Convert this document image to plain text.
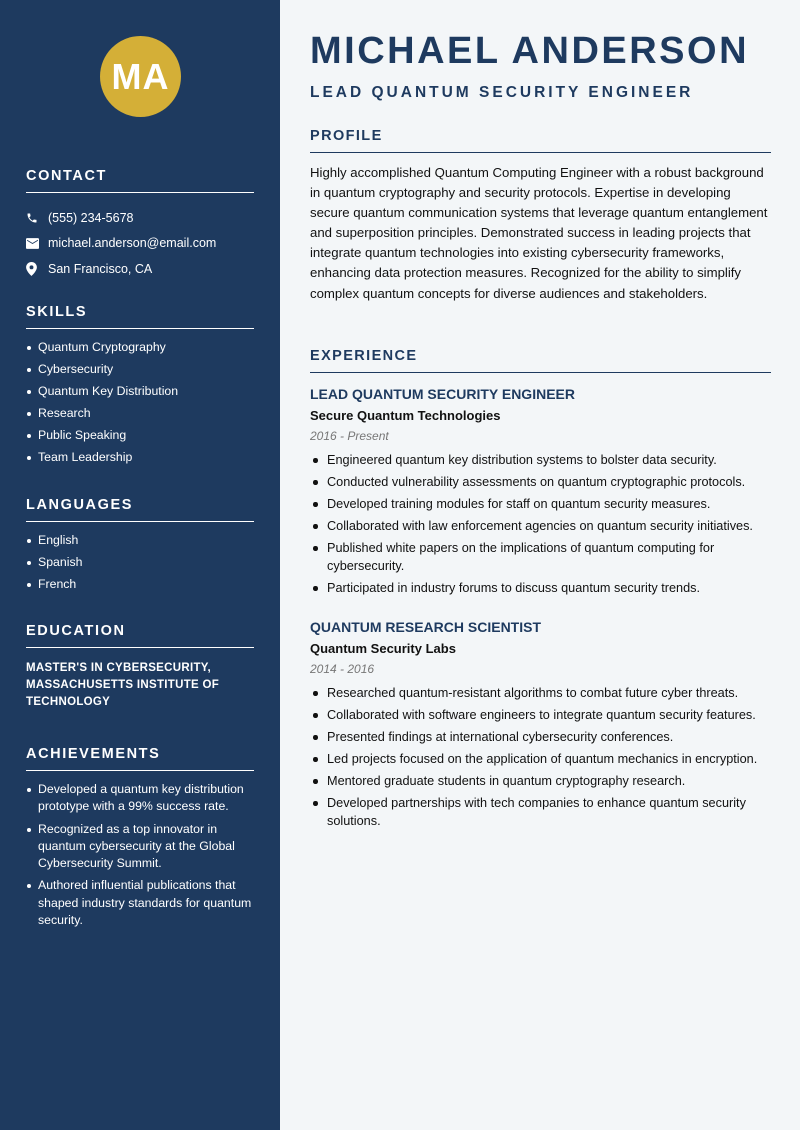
MA
CONTACT
(555) 234-5678
michael.anderson@email.com
San Francisco, CA
SKILLS
Quantum Cryptography
Cybersecurity
Quantum Key Distribution
Research
Public Speaking
Team Leadership
LANGUAGES
English
Spanish
French
EDUCATION

MASTER'S IN CYBERSECURITY, MASSACHUSETTS INSTITUTE OF TECHNOLOGY

ACHIEVEMENTS
Developed a quantum key distribution prototype with a 99% success rate.
Recognized as a top innovator in quantum cybersecurity at the Global Cybersecurity Summit.
Authored influential publications that shaped industry standards for quantum security.
MICHAEL ANDERSON
LEAD QUANTUM SECURITY ENGINEER
PROFILE

Highly accomplished Quantum Computing Engineer with a robust background in quantum cryptography and security protocols. Expertise in developing secure quantum communication systems that leverage quantum entanglement and superposition principles. Demonstrated success in leading projects that integrate quantum technologies into existing cybersecurity frameworks, enhancing data protection measures. Recognized for the ability to simplify complex quantum concepts for diverse audiences and stakeholders.

EXPERIENCE
LEAD QUANTUM SECURITY ENGINEER
Secure Quantum Technologies
2016 - Present
Engineered quantum key distribution systems to bolster data security.
Conducted vulnerability assessments on quantum cryptographic protocols.
Developed training modules for staff on quantum security measures.
Collaborated with law enforcement agencies on quantum security initiatives.
Published white papers on the implications of quantum computing for cybersecurity.
Participated in industry forums to discuss quantum security trends.
QUANTUM RESEARCH SCIENTIST
Quantum Security Labs
2014 - 2016
Researched quantum-resistant algorithms to combat future cyber threats.
Collaborated with software engineers to integrate quantum security features.
Presented findings at international cybersecurity conferences.
Led projects focused on the application of quantum mechanics in encryption.
Mentored graduate students in quantum cryptography research.
Developed partnerships with tech companies to enhance quantum security solutions.
